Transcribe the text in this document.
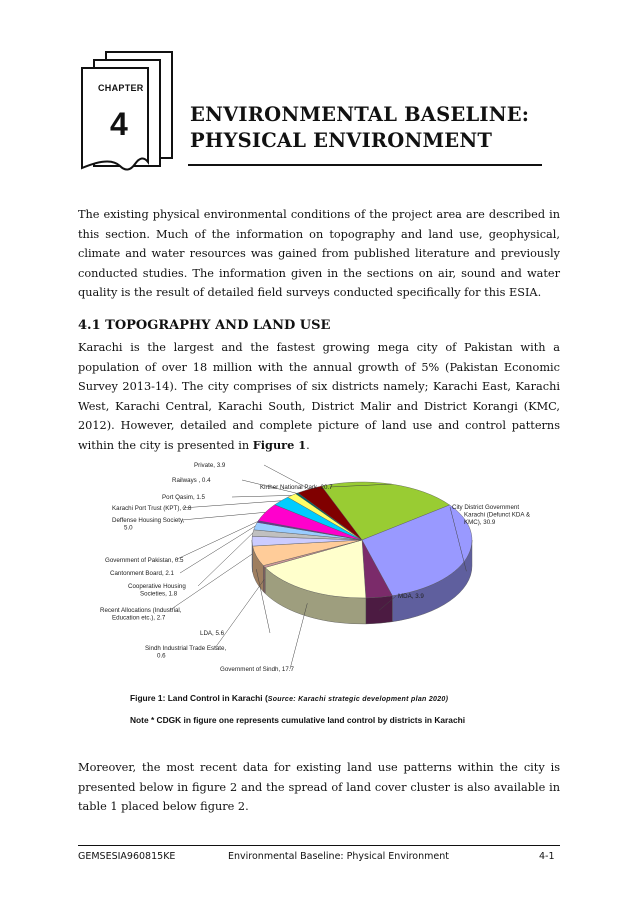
CHAPTER
4	ENVIRONMENTAL BASELINE:
PHYSICAL ENVIRONMENT
The existing physical environmental conditions of the project area are described in this section. Much of the information on topography and land use, geophysical, climate and water resources was gained from published literature and previously conducted studies. The information given in the sections on air, sound and water quality is the result of detailed field surveys conducted specifically for this ESIA.
4.1 TOPOGRAPHY AND LAND USE
Karachi is the largest and the fastest growing mega city of Pakistan with a population of over 18 million with the annual growth of 5% (Pakistan Economic Survey 2013-14). The city comprises of six districts namely; Karachi East, Karachi West, Karachi Central, Karachi South, District Malir and District Korangi (KMC, 2012). However, detailed and complete picture of land use and control patterns within the city is presented in Figure 1.
Kirther National Park, 20.7
City District Government Karachi (Defunct KDA & KMC), 30.9
MDA, 3.9
Government of Sindh, 17.7
Sindh Industrial Trade Estate, 0.6
LDA, 5.6
Recent Allocations (Industrial, Education etc.), 2.7
Cooperative Housing Societies, 1.8
Cantonment Board, 2.1
Government of Pakistan, 0.5
Deffense Housing Society, 5.0
Karachi Port Trust (KPT), 2.8
Port Qasim, 1.5
Railways , 0.4
Private, 3.9
Figure 1: Land Control in Karachi (Source: Karachi strategic development plan 2020)
Note * CDGK in figure one represents cumulative land control by districts in Karachi
Moreover, the most recent data for existing land use patterns within the city is presented below in figure 2 and the spread of land cover cluster is also available in table 1 placed below figure 2.
GEMSESIA960815KE	Environmental Baseline: Physical Environment	4-1
